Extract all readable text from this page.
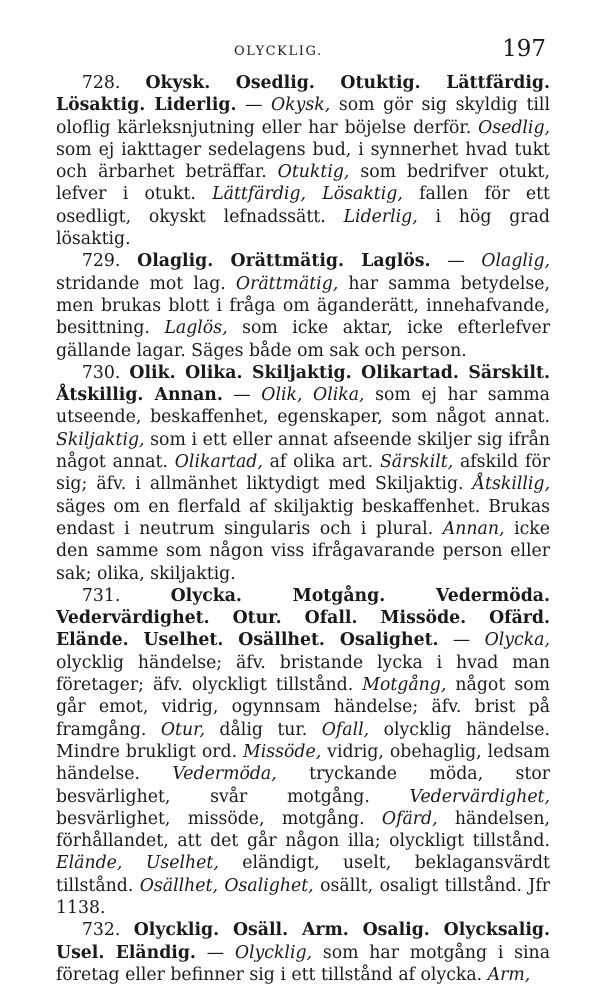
OLYCKLIG.	197

  728. Okysk. Osedlig. Otuktig. Lättfärdig. Lösaktig. Liderlig. — Okysk, som gör sig skyldig till oloflig kärleksnjutning eller har böjelse derför. Osedlig, som ej iakttager sedelagens bud, i synnerhet hvad tukt och ärbarhet beträffar. Otuktig, som bedrifver otukt, lefver i otukt. Lättfärdig, Lösaktig, fallen för ett osedligt, okyskt lefnadssätt. Liderlig, i hög grad lösaktig.

  729. Olaglig. Orättmätig. Laglös. — Olaglig, stridande mot lag. Orättmätig, har samma betydelse, men brukas blott i fråga om äganderätt, innehafvande, besittning. Laglös, som icke aktar, icke efterlefver gällande lagar. Säges både om sak och person.

  730. Olik. Olika. Skiljaktig. Olikartad. Särskilt. Åtskillig. Annan. — Olik, Olika, som ej har samma utseende, beskaffenhet, egenskaper, som något annat. Skiljaktig, som i ett eller annat afseende skiljer sig ifrån något annat. Olikartad, af olika art. Särskilt, afskild för sig; äfv. i allmänhet liktydigt med Skiljaktig. Åtskillig, säges om en flerfald af skiljaktig beskaffenhet. Brukas endast i neutrum singularis och i plural. Annan, icke den samme som någon viss ifrågavarande person eller sak; olika, skiljaktig.

  731.	Olycka. Motgång. Vedermöda. Vedervärdighet. Otur. Ofall. Missöde. Ofärd. Elände. Uselhet. Osällhet. Osalighet. — Olycka, olycklig händelse; äfv. bristande lycka i hvad man företager; äfv. olyckligt tillstånd. Motgång, något som går emot, vidrig, ogynnsam händelse; äfv. brist på framgång. Otur, dålig tur. Ofall, olycklig händelse. Mindre brukligt ord. Missöde, vidrig, obehaglig, ledsam händelse. Vedermöda, tryckande möda, stor besvärlighet, svår motgång. Vedervärdighet, besvärlighet, missöde, motgång. Ofärd, händelsen, förhållandet, att det går någon illa; olyckligt tillstånd. Elände, Uselhet, eländigt, uselt, beklagansvärdt tillstånd. Osällhet, Osalighet, osällt, osaligt tillstånd. Jfr 1138.

  732. Olycklig. Osäll. Arm. Osalig. Olycksalig. Usel. Eländig. — Olycklig, som har motgång i sina företag eller befinner sig i ett tillstånd af olycka. Arm,
